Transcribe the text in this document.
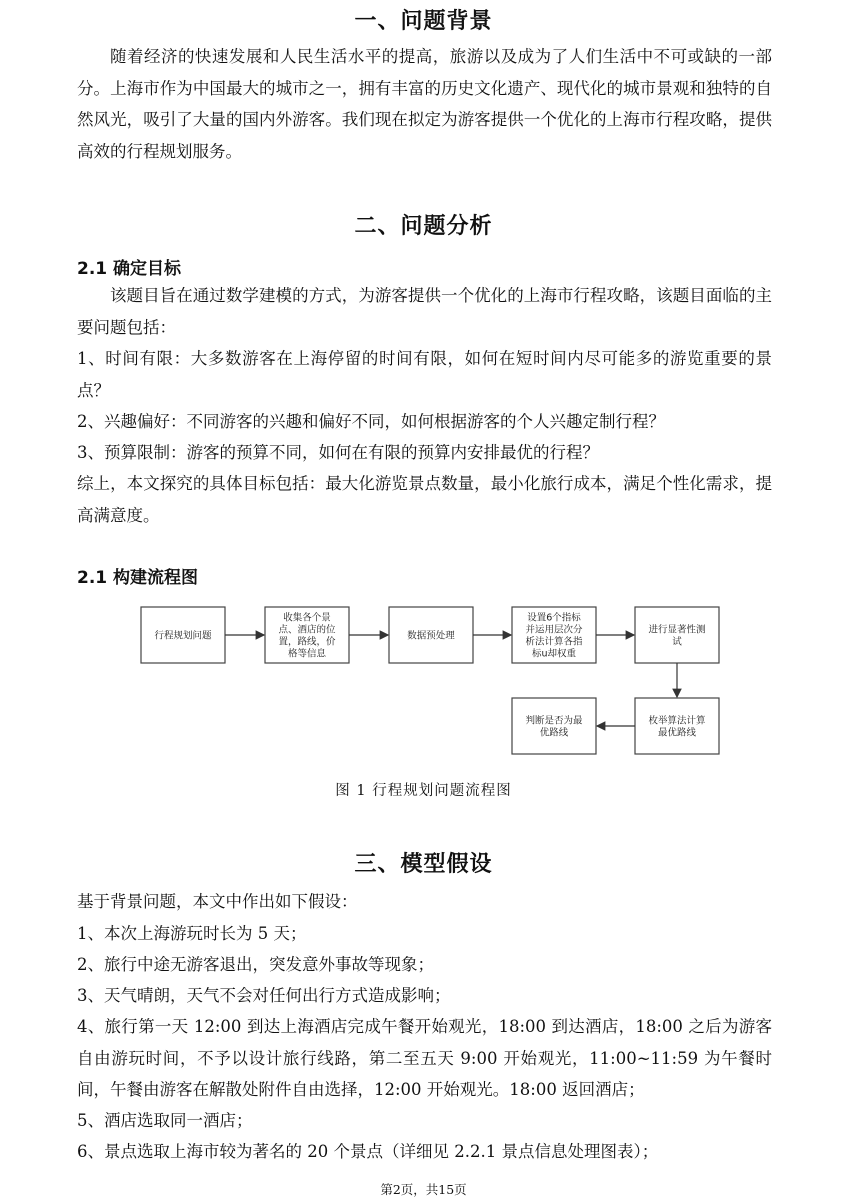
一、问题背景

随着经济的快速发展和人民生活水平的提高，旅游以及成为了人们生活中不可或缺的一部分。上海市作为中国最大的城市之一，拥有丰富的历史文化遗产、现代化的城市景观和独特的自然风光，吸引了大量的国内外游客。我们现在拟定为游客提供一个优化的上海市行程攻略，提供高效的行程规划服务。

二、问题分析
2.1 确定目标

该题目旨在通过数学建模的方式，为游客提供一个优化的上海市行程攻略，该题目面临的主要问题包括：

1、时间有限：大多数游客在上海停留的时间有限，如何在短时间内尽可能多的游览重要的景点？

2、兴趣偏好：不同游客的兴趣和偏好不同，如何根据游客的个人兴趣定制行程？

3、预算限制：游客的预算不同，如何在有限的预算内安排最优的行程？

综上，本文探究的具体目标包括：最大化游览景点数量，最小化旅行成本，满足个性化需求，提高满意度。

2.1 构建流程图
行程规划问题
收集各个景点、酒店的位置，路线，价格等信息
数据预处理
设置6个指标并运用层次分析法计算各指标u却权重
进行显著性测试
枚举算法计算最优路线
判断是否为最优路线
图 1 行程规划问题流程图
三、模型假设

基于背景问题，本文中作出如下假设：

1、本次上海游玩时长为 5 天；

2、旅行中途无游客退出，突发意外事故等现象；

3、天气晴朗，天气不会对任何出行方式造成影响；

4、旅行第一天 12:00 到达上海酒店完成午餐开始观光，18:00 到达酒店，18:00 之后为游客自由游玩时间，不予以设计旅行线路，第二至五天 9:00 开始观光，11:00~11:59 为午餐时间，午餐由游客在解散处附件自由选择，12:00 开始观光。18:00 返回酒店；

5、酒店选取同一酒店；

6、景点选取上海市较为著名的 20 个景点（详细见 2.2.1 景点信息处理图表）；

第2页，共15页
